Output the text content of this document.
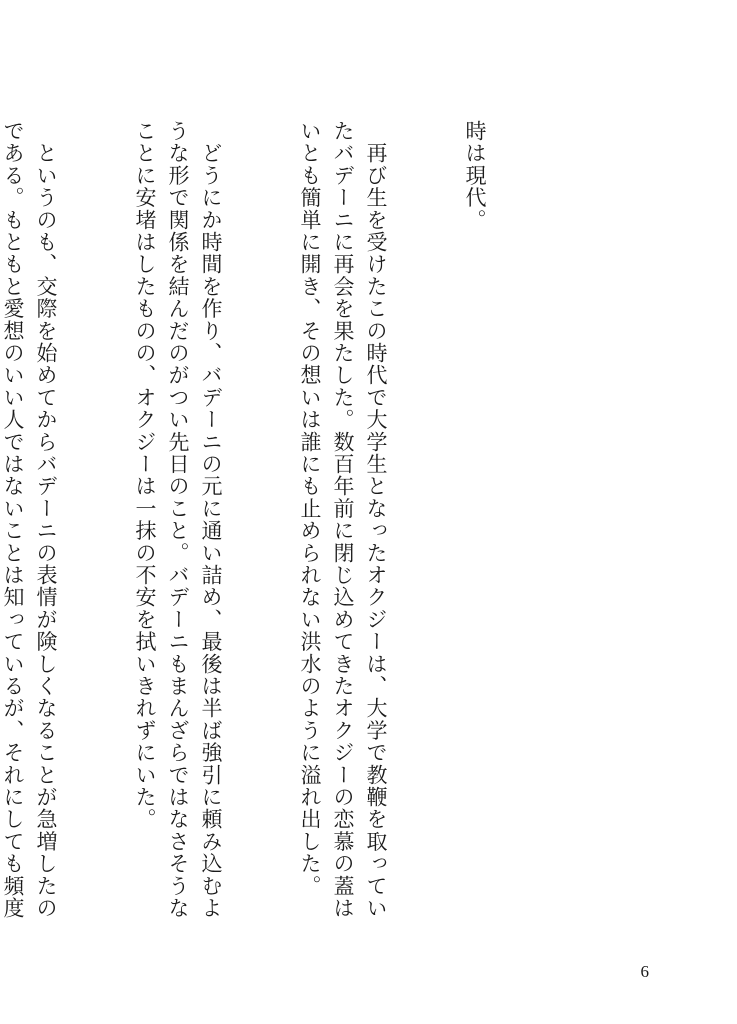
時は現代。

　再び生を受けたこの時代で大学生となったオクジーは、大学で教鞭を取っていたバデーニに再会を果たした。数百年前に閉じ込めてきたオクジーの恋慕の蓋はいとも簡単に開き、その想いは誰にも止められない洪水のように溢れ出した。

　どうにか時間を作り、バデーニの元に通い詰め、最後は半ば強引に頼み込むような形で関係を結んだのがつい先日のこと。バデーニもまんざらではなさそうなことに安堵はしたものの、オクジーは一抹の不安を拭いきれずにいた。

　というのも、交際を始めてからバデーニの表情が険しくなることが急増したのである。もともと愛想のいい人ではないことは知っているが、それにしても頻度

6
